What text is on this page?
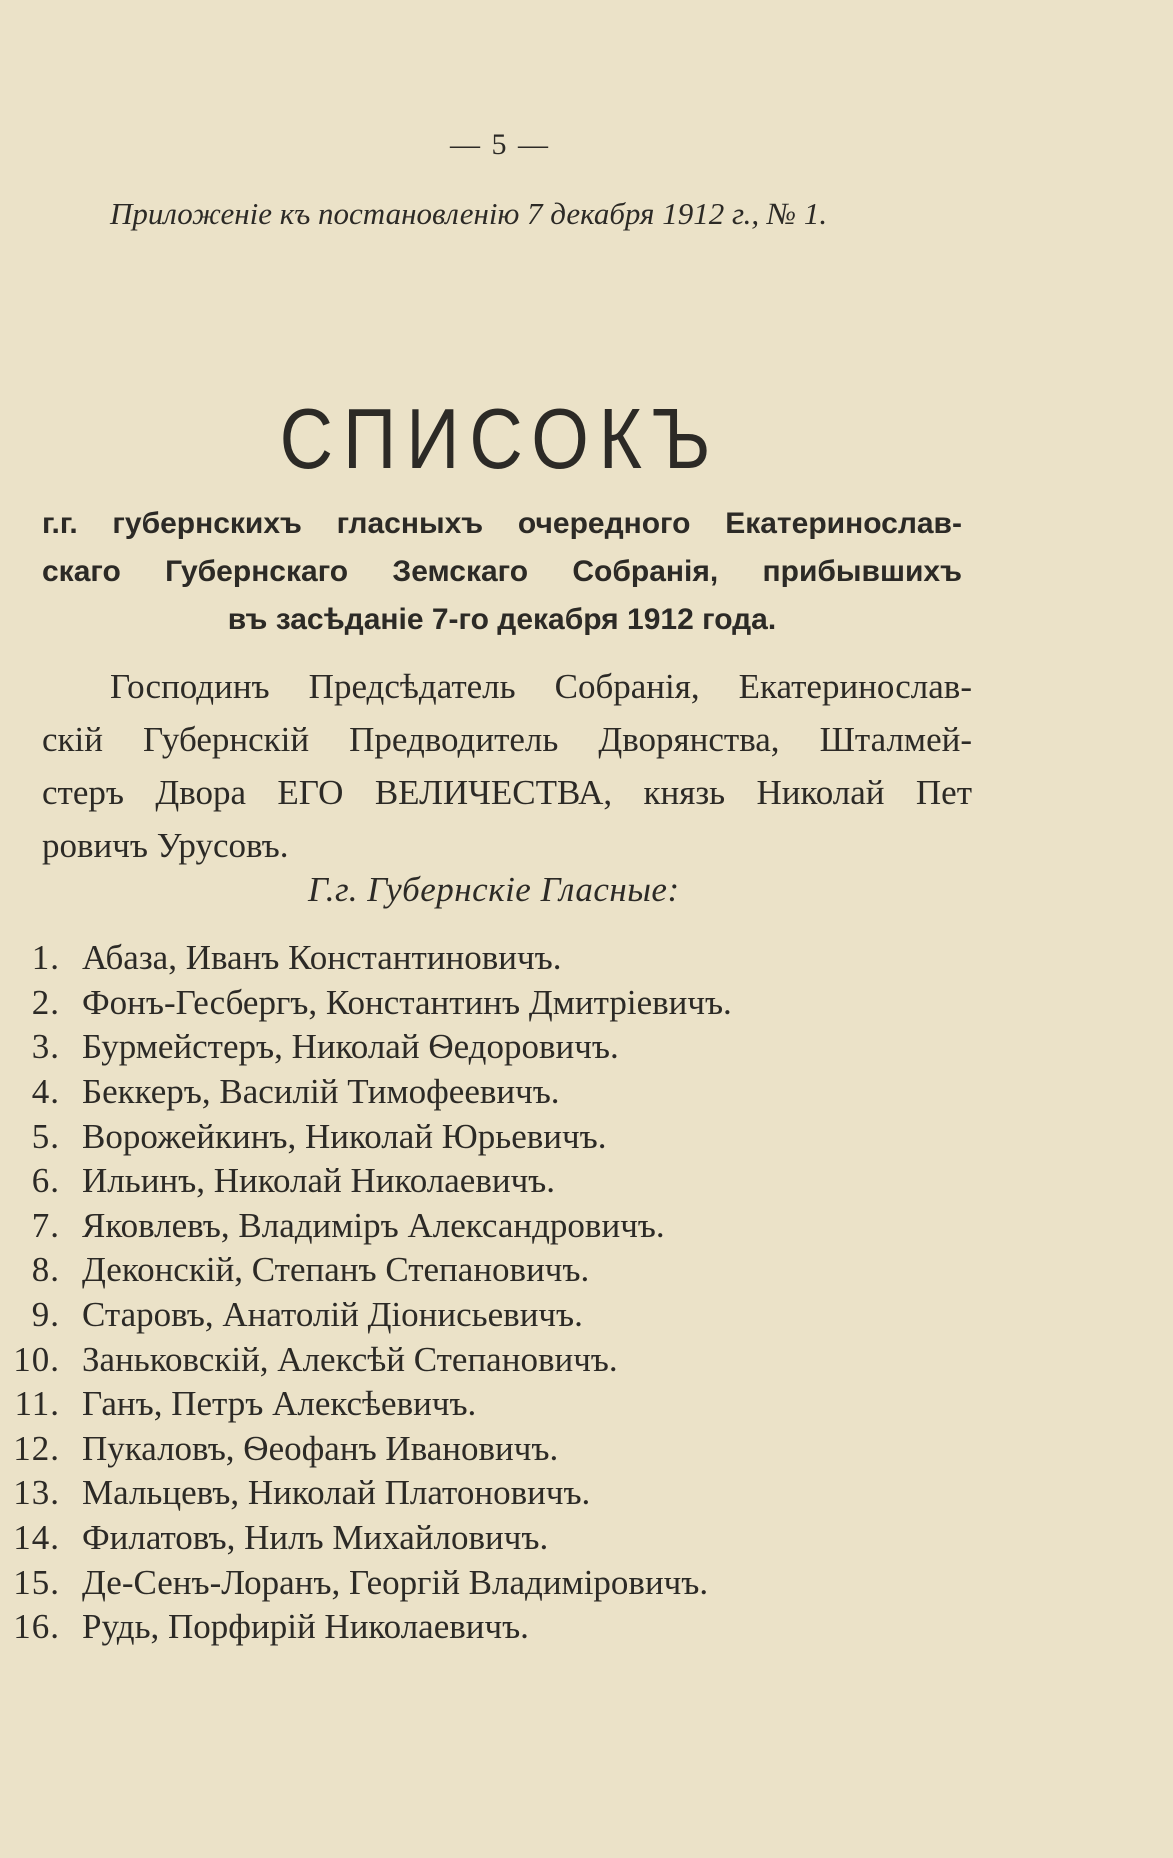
— 5 —
Приложеніе къ постановленію 7 декабря 1912 г., № 1.
СПИСОКЪ
г.г. губернскихъ гласныхъ очередного Екатеринослав-
скаго Губернскаго Земскаго Собранія, прибывшихъ
въ засѣданіе 7-го декабря 1912 года.
Господинъ Предсѣдатель Собранія, Екатеринослав-
скій Губернскій Предводитель Дворянства, Шталмей-
стеръ Двора ЕГО ВЕЛИЧЕСТВА, князь Николай Пет
ровичъ Урусовъ.
Г.г. Губернскіе Гласные:
1. Абаза, Иванъ Константиновичъ.
2. Фонъ-Гесбергъ, Константинъ Дмитріевичъ.
3. Бурмейстеръ, Николай Ѳедоровичъ.
4. Беккеръ, Василій Тимофеевичъ.
5. Ворожейкинъ, Николай Юрьевичъ.
6. Ильинъ, Николай Николаевичъ.
7. Яковлевъ, Владиміръ Александровичъ.
8. Деконскій, Степанъ Степановичъ.
9. Старовъ, Анатолій Діонисьевичъ.
10. Заньковскій, Алексѣй Степановичъ.
11. Ганъ, Петръ Алексѣевичъ.
12. Пукаловъ, Ѳеофанъ Ивановичъ.
13. Мальцевъ, Николай Платоновичъ.
14. Филатовъ, Нилъ Михайловичъ.
15. Де-Сенъ-Лоранъ, Георгій Владиміровичъ.
16. Рудь, Порфирій Николаевичъ.
